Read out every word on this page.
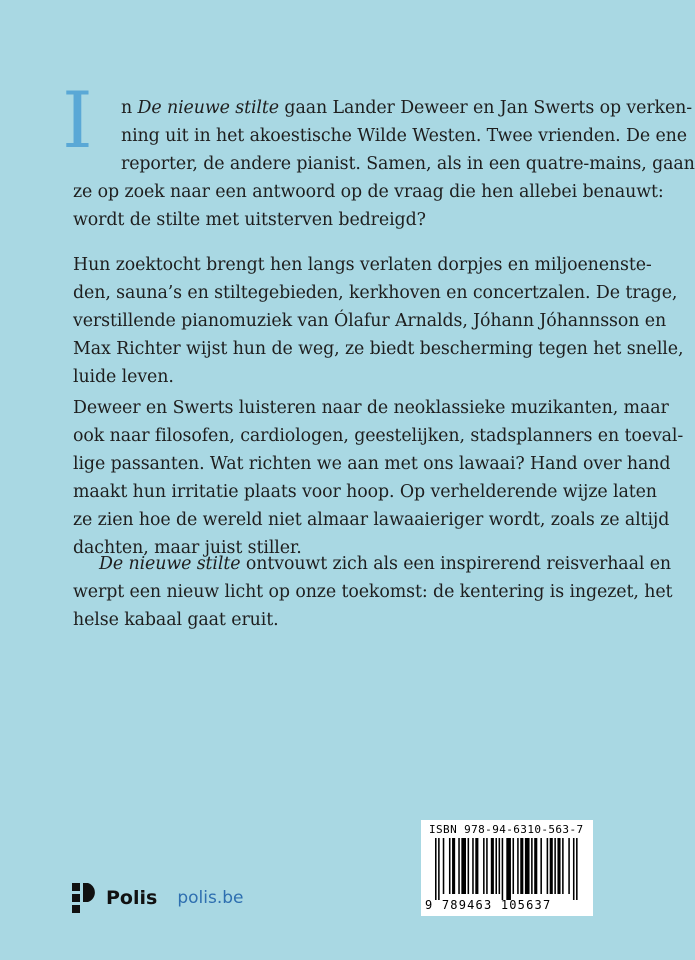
I	n De nieuwe stilte gaan Lander Deweer en Jan Swerts op verken-
ning uit in het akoestische Wilde Westen. Twee vrienden. De ene
reporter, de andere pianist. Samen, als in een quatre-mains, gaan
ze op zoek naar een antwoord op de vraag die hen allebei benauwt:
wordt de stilte met uitsterven bedreigd?
Hun zoektocht brengt hen langs verlaten dorpjes en miljoenenste-
den, sauna’s en stiltegebieden, kerkhoven en concertzalen. De trage,
verstillende pianomuziek van Ólafur Arnalds, Jóhann Jóhannsson en
Max Richter wijst hun de weg, ze biedt bescherming tegen het snelle,
luide leven.
Deweer en Swerts luisteren naar de neoklassieke muzikanten, maar
ook naar filosofen, cardiologen, geestelijken, stadsplanners en toeval-
lige passanten. Wat richten we aan met ons lawaai? Hand over hand
maakt hun irritatie plaats voor hoop. Op verhelderende wijze laten
ze zien hoe de wereld niet almaar lawaaieriger wordt, zoals ze altijd
dachten, maar juist stiller.
De nieuwe stilte ontvouwt zich als een inspirerend reisverhaal en
werpt een nieuw licht op onze toekomst: de kentering is ingezet, het
helse kabaal gaat eruit.
Polis polis.be
ISBN 978-94-6310-563-7
9 789463 105637
